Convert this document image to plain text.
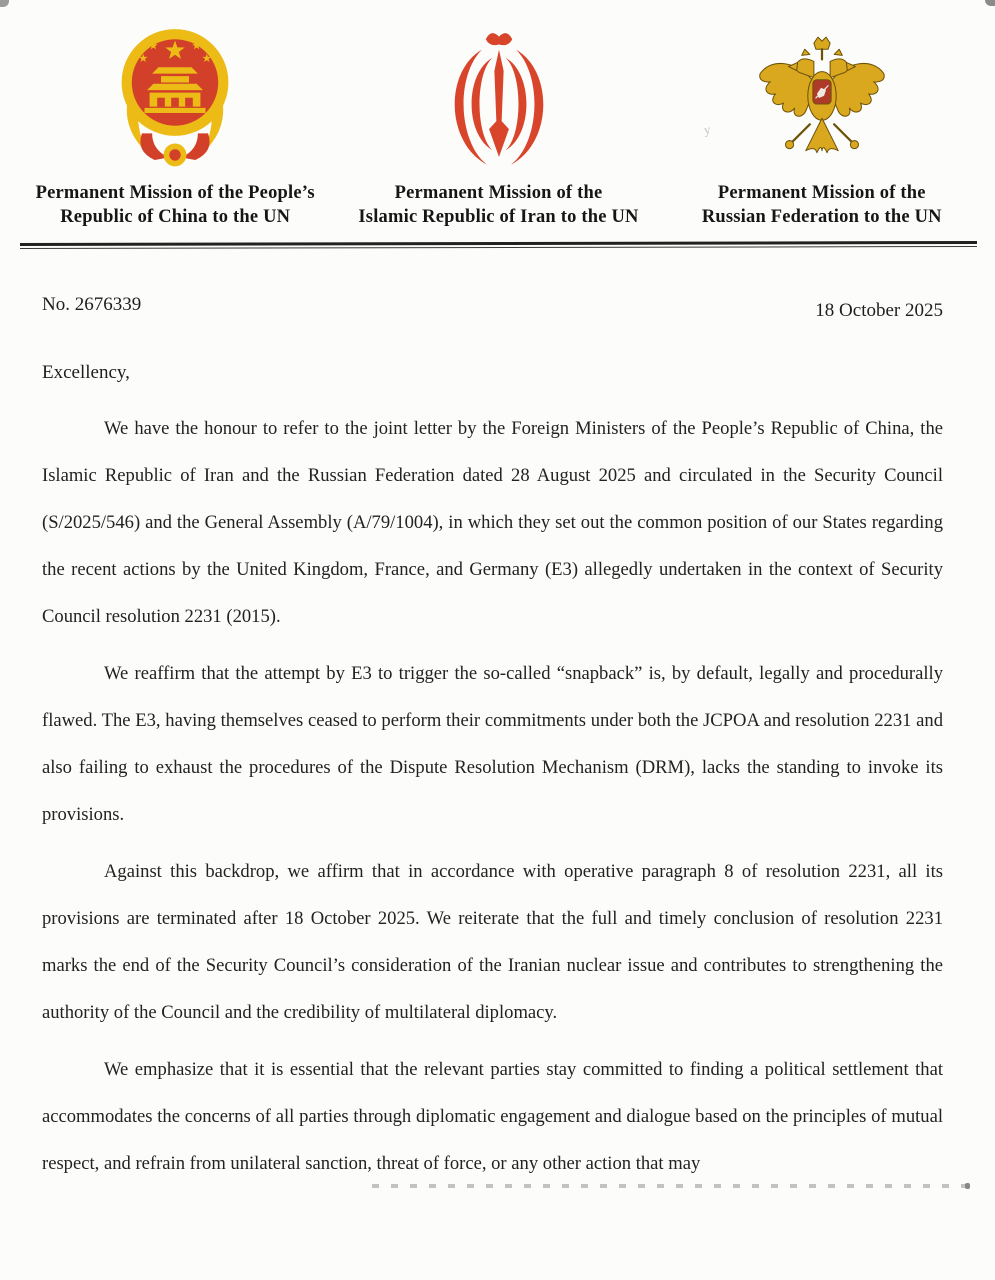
y
Permanent Mission of the People’s
Republic of China to the UN
Permanent Mission of the
Islamic Republic of Iran to the UN
Permanent Mission of the
Russian Federation to the UN
No. 2676339	18 October 2025

Excellency,

We have the honour to refer to the joint letter by the Foreign Ministers of the People’s Republic of China, the Islamic Republic of Iran and the Russian Federation dated 28 August 2025 and circulated in the Security Council (S/2025/546) and the General Assembly (A/79/1004), in which they set out the common position of our States regarding the recent actions by the United Kingdom, France, and Germany (E3) allegedly undertaken in the context of Security Council resolution 2231 (2015).

We reaffirm that the attempt by E3 to trigger the so-called “snapback” is, by default, legally and procedurally flawed. The E3, having themselves ceased to perform their commitments under both the JCPOA and resolution 2231 and also failing to exhaust the procedures of the Dispute Resolution Mechanism (DRM), lacks the standing to invoke its provisions.

Against this backdrop, we affirm that in accordance with operative paragraph 8 of resolution 2231, all its provisions are terminated after 18 October 2025. We reiterate that the full and timely conclusion of resolution 2231 marks the end of the Security Council’s consideration of the Iranian nuclear issue and contributes to strengthening the authority of the Council and the credibility of multilateral diplomacy.

We emphasize that it is essential that the relevant parties stay committed to finding a political settlement that accommodates the concerns of all parties through diplomatic engagement and dialogue based on the principles of mutual respect, and refrain from unilateral sanction, threat of force, or any other action that may
